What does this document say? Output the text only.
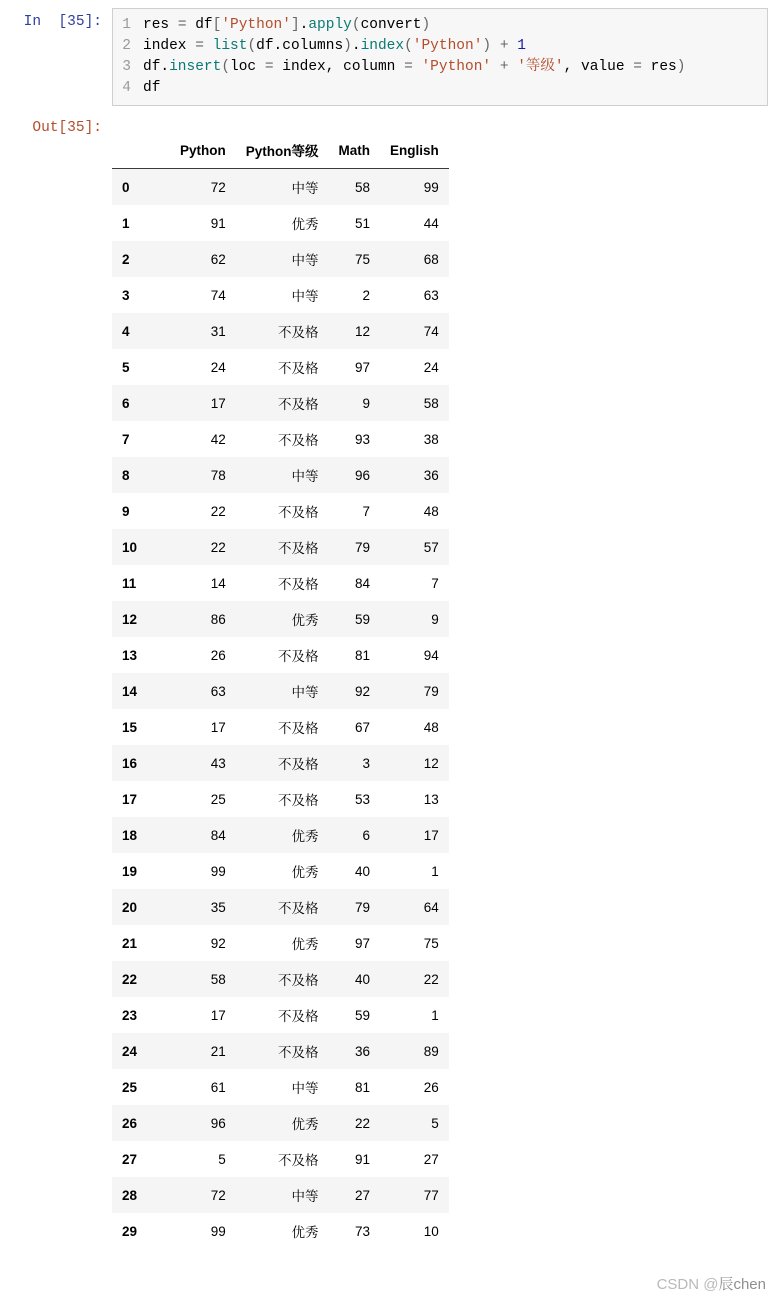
In  [35]:	1 res = df['Python'].apply(convert)
2 index = list(df.columns).index('Python') + 1
3 df.insert(loc = index, column = 'Python' + '等级', value = res)
4 df
Out[35]:
	Python	Python等级	Math	English
0	72	中等	58	99
1	91	优秀	51	44
2	62	中等	75	68
3	74	中等	2	63
4	31	不及格	12	74
5	24	不及格	97	24
6	17	不及格	9	58
7	42	不及格	93	38
8	78	中等	96	36
9	22	不及格	7	48
10	22	不及格	79	57
11	14	不及格	84	7
12	86	优秀	59	9
13	26	不及格	81	94
14	63	中等	92	79
15	17	不及格	67	48
16	43	不及格	3	12
17	25	不及格	53	13
18	84	优秀	6	17
19	99	优秀	40	1
20	35	不及格	79	64
21	92	优秀	97	75
22	58	不及格	40	22
23	17	不及格	59	1
24	21	不及格	36	89
25	61	中等	81	26
26	96	优秀	22	5
27	5	不及格	91	27
28	72	中等	27	77
29	99	优秀	73	10
CSDN @辰chen
